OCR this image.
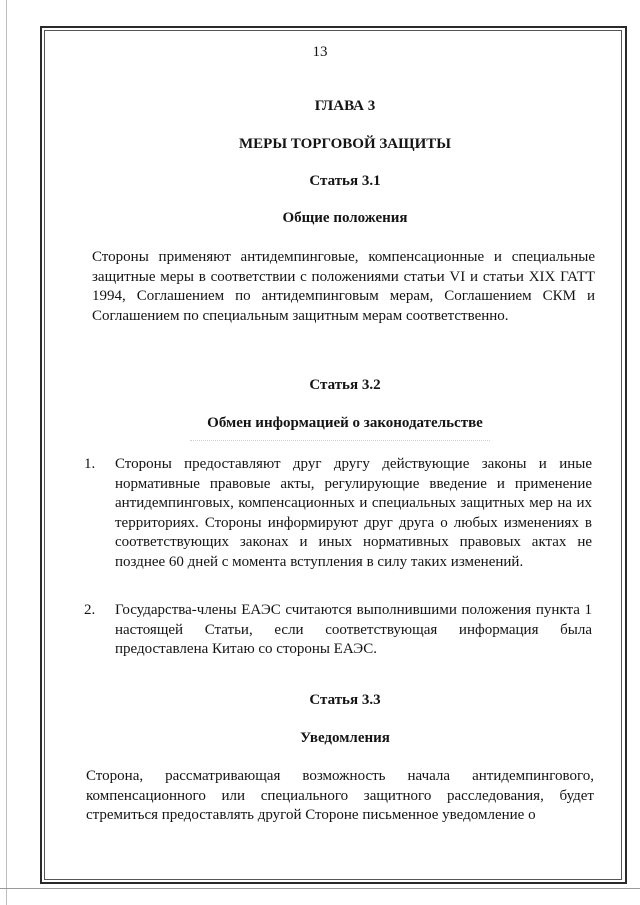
13
ГЛАВА 3
МЕРЫ ТОРГОВОЙ ЗАЩИТЫ
Статья 3.1
Общие положения

Стороны применяют антидемпинговые, компенсационные и специальные защитные меры в соответствии с положениями статьи VI и статьи XIX ГАТТ 1994, Соглашением по антидемпинговым мерам, Соглашением СКМ и Соглашением по специальным защитным мерам соответственно.

Статья 3.2
Обмен информацией о законодательстве
1. Стороны предоставляют друг другу действующие законы и иные нормативные правовые акты, регулирующие введение и применение антидемпинговых, компенсационных и специальных защитных мер на их территориях. Стороны информируют друг друга о любых изменениях в соответствующих законах и иных нормативных правовых актах не позднее 60 дней с момента вступления в силу таких изменений.

2. Государства-члены ЕАЭС считаются выполнившими положения пункта 1 настоящей Статьи, если соответствующая информация была предоставлена Китаю со стороны ЕАЭС.

Статья 3.3
Уведомления

Сторона, рассматривающая возможность начала антидемпингового, компенсационного или специального защитного расследования, будет стремиться предоставлять другой Стороне письменное уведомление о
